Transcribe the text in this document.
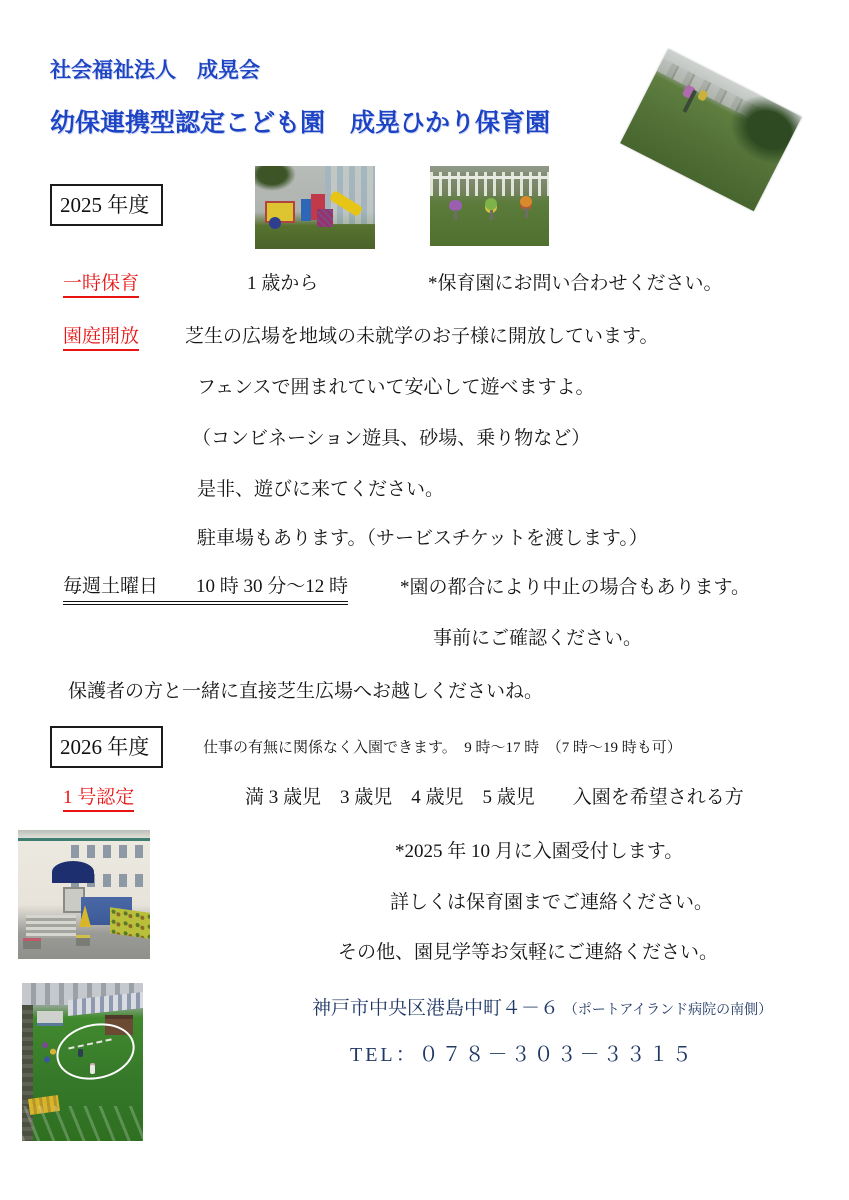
社会福祉法人　成晃会
幼保連携型認定こども園　成晃ひかり保育園
2025 年度
一時保育	1 歳から	*保育園にお問い合わせください。
園庭開放 芝生の広場を地域の未就学のお子様に開放しています。
フェンスで囲まれていて安心して遊べますよ。
（コンビネーション遊具、砂場、乗り物など）
是非、遊びに来てください。
駐車場もあります。（サービスチケットを渡します。）
毎週土曜日　　10 時 30 分～12 時	*園の都合により中止の場合もあります。
事前にご確認ください。
保護者の方と一緒に直接芝生広場へお越しくださいね。
2026 年度	仕事の有無に関係なく入園できます。　9 時～17 時　（7 時～19 時も可）
1 号認定	満 3 歳児　3 歳児　4 歳児　5 歳児　　入園を希望される方
*2025 年 10 月に入園受付します。
詳しくは保育園までご連絡ください。
その他、園見学等お気軽にご連絡ください。
神戸市中央区港島中町４－６ （ポートアイランド病院の南側）
TEL：０７８－３０３－３３１５
